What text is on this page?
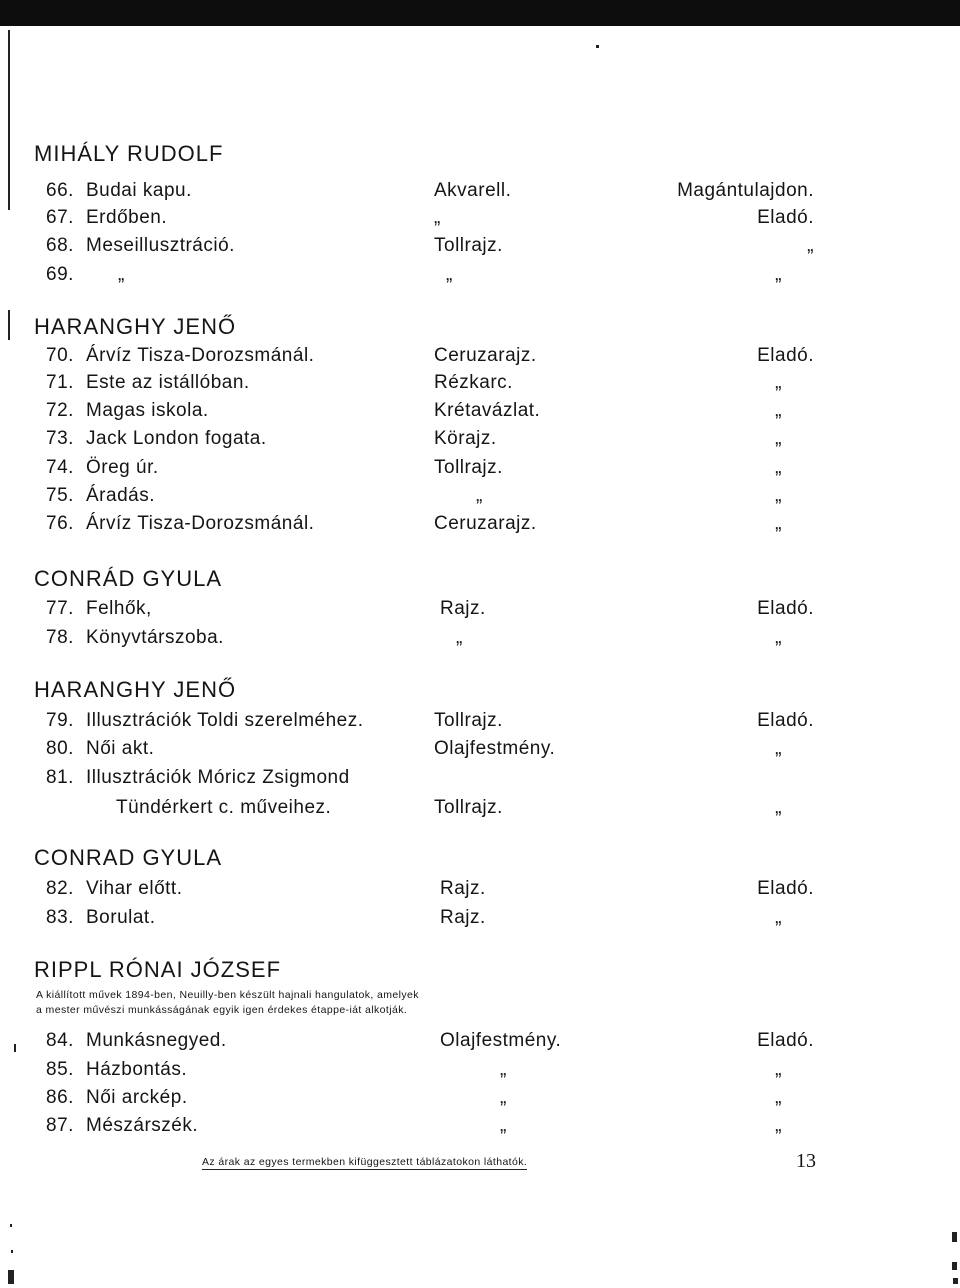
MIHÁLY RUDOLF
66. Budai kapu.	Akvarell.	Magántulajdon.
67. Erdőben.	„	Eladó.
68. Meseillusztráció.	Tollrajz.	„
69. „	„	„
HARANGHY JENŐ
70. Árvíz Tisza-Dorozsmánál.	Ceruzarajz.	Eladó.
71. Este az istállóban.	Rézkarc.	„
72. Magas iskola.	Krétavázlat.	„
73. Jack London fogata.	Körajz.	„
74. Öreg úr.	Tollrajz.	„
75. Áradás.	„	„
76. Árvíz Tisza-Dorozsmánál.	Ceruzarajz.	„
CONRÁD GYULA
77. Felhők,	Rajz.	Eladó.
78. Könyvtárszoba.	„	„
HARANGHY JENŐ
79. Illusztrációk Toldi szerelméhez.	Tollrajz.	Eladó.
80. Női akt.	Olajfestmény.	„
81. Illusztrációk Móricz Zsigmond
Tündérkert c. műveihez.	Tollrajz.	„
CONRAD GYULA
82. Vihar előtt.	Rajz.	Eladó.
83. Borulat.	Rajz.	„
RIPPL RÓNAI JÓZSEF
A kiállított művek 1894-ben, Neuilly-ben készült hajnali hangulatok, amelyek
a mester művészi munkásságának egyik igen érdekes étappe-iát alkotják.
84. Munkásnegyed.	Olajfestmény.	Eladó.
85. Házbontás.	„	„
86. Női arckép.	„	„
87. Mészárszék.	„	„
Az árak az egyes termekben kifüggesztett táblázatokon láthatók.	13
